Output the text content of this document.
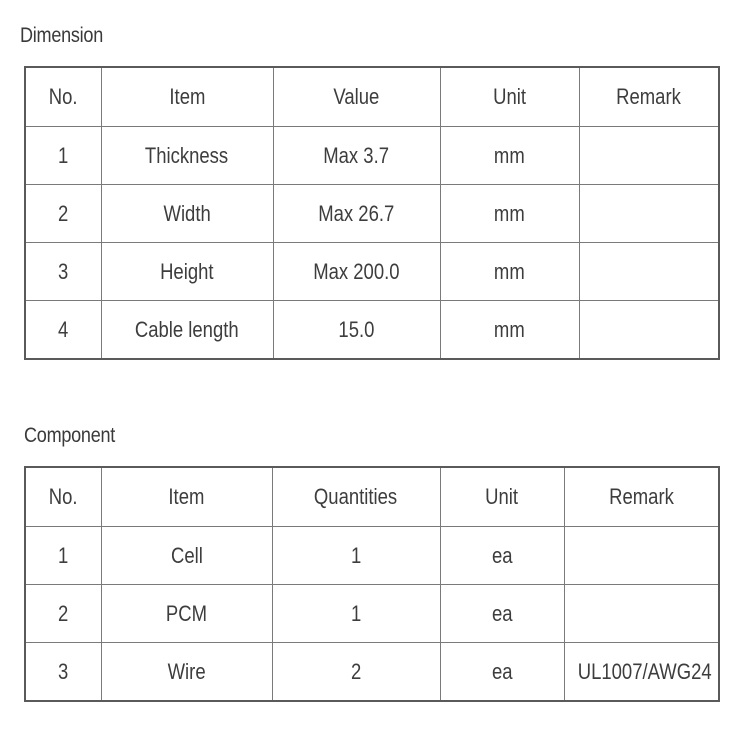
Dimension
No.	Item	Value	Unit	Remark
1	Thickness	Max 3.7	mm	
2	Width	Max 26.7	mm	
3	Height	Max 200.0	mm	
4	Cable length	15.0	mm	
Component
No.	Item	Quantities	Unit	Remark
1	Cell	1	ea	
2	PCM	1	ea	
3	Wire	2	ea	UL1007/AWG24
